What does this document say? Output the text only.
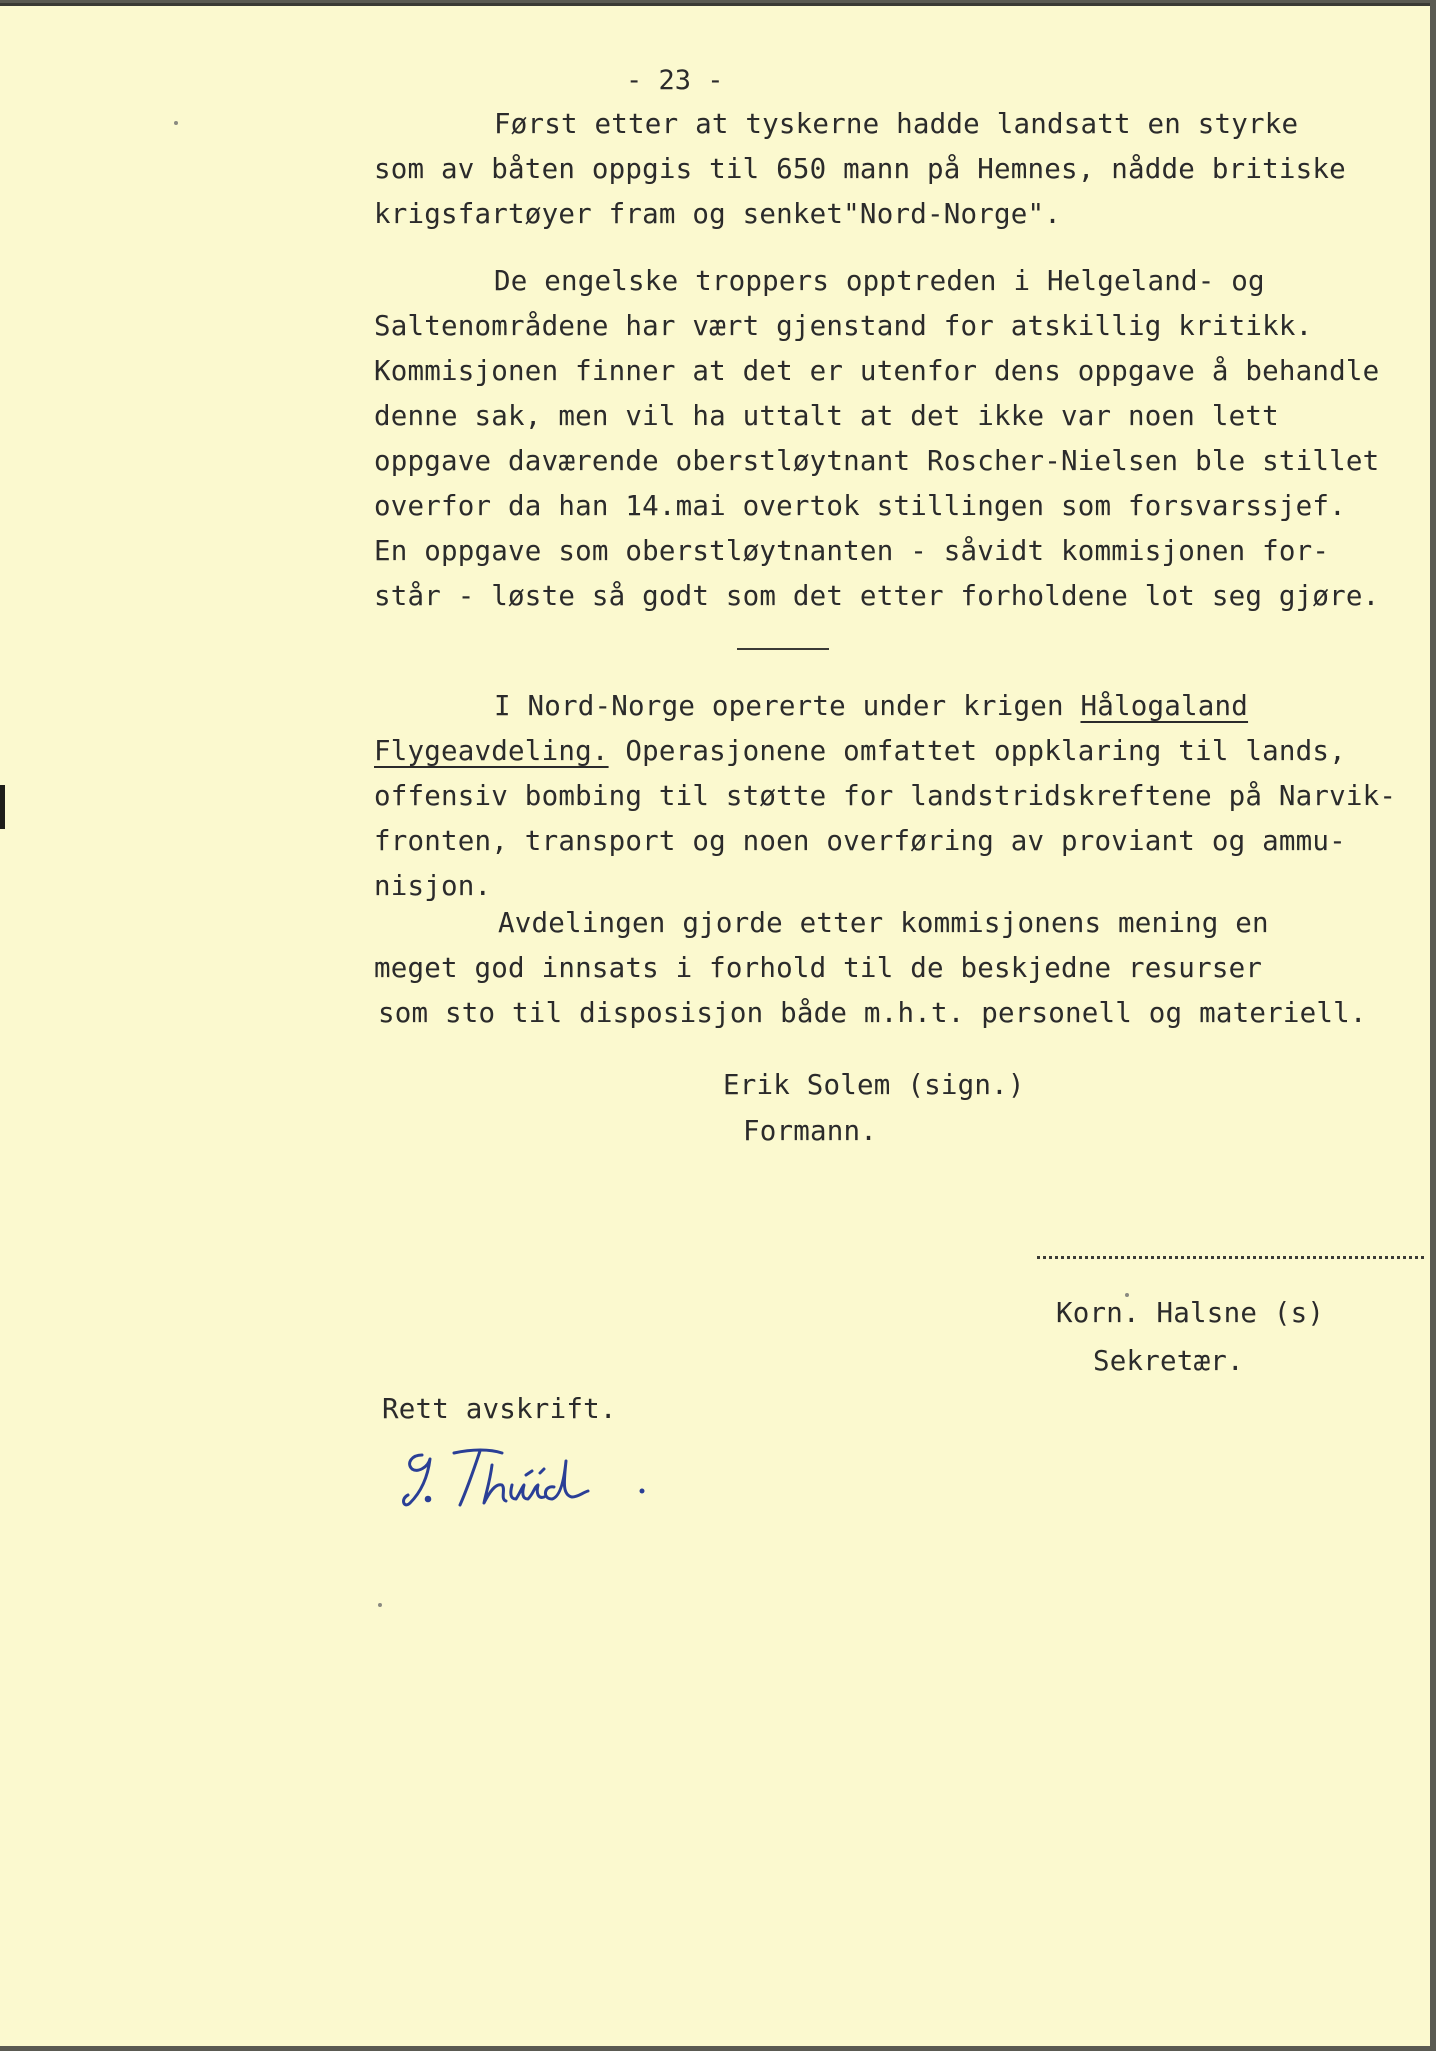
- 23 -
Først etter at tyskerne hadde landsatt en styrke
som av båten oppgis til 650 mann på Hemnes, nådde britiske
krigsfartøyer fram og senket"Nord-Norge".
De engelske troppers opptreden i Helgeland- og
Saltenområdene har vært gjenstand for atskillig kritikk.
Kommisjonen finner at det er utenfor dens oppgave å behandle
denne sak, men vil ha uttalt at det ikke var noen lett
oppgave daværende oberstløytnant Roscher-Nielsen ble stillet
overfor da han 14.mai overtok stillingen som forsvarssjef.
En oppgave som oberstløytnanten - såvidt kommisjonen for-
står - løste så godt som det etter forholdene lot seg gjøre.
I Nord-Norge opererte under krigen Hålogaland
Flygeavdeling. Operasjonene omfattet oppklaring til lands,
offensiv bombing til støtte for landstridskreftene på Narvik-
fronten, transport og noen overføring av proviant og ammu-
nisjon.
Avdelingen gjorde etter kommisjonens mening en
meget god innsats i forhold til de beskjedne resurser
som sto til disposisjon både m.h.t. personell og materiell.
Erik Solem (sign.)
Formann.
Korn. Halsne (s)
Sekretær.
Rett avskrift.
